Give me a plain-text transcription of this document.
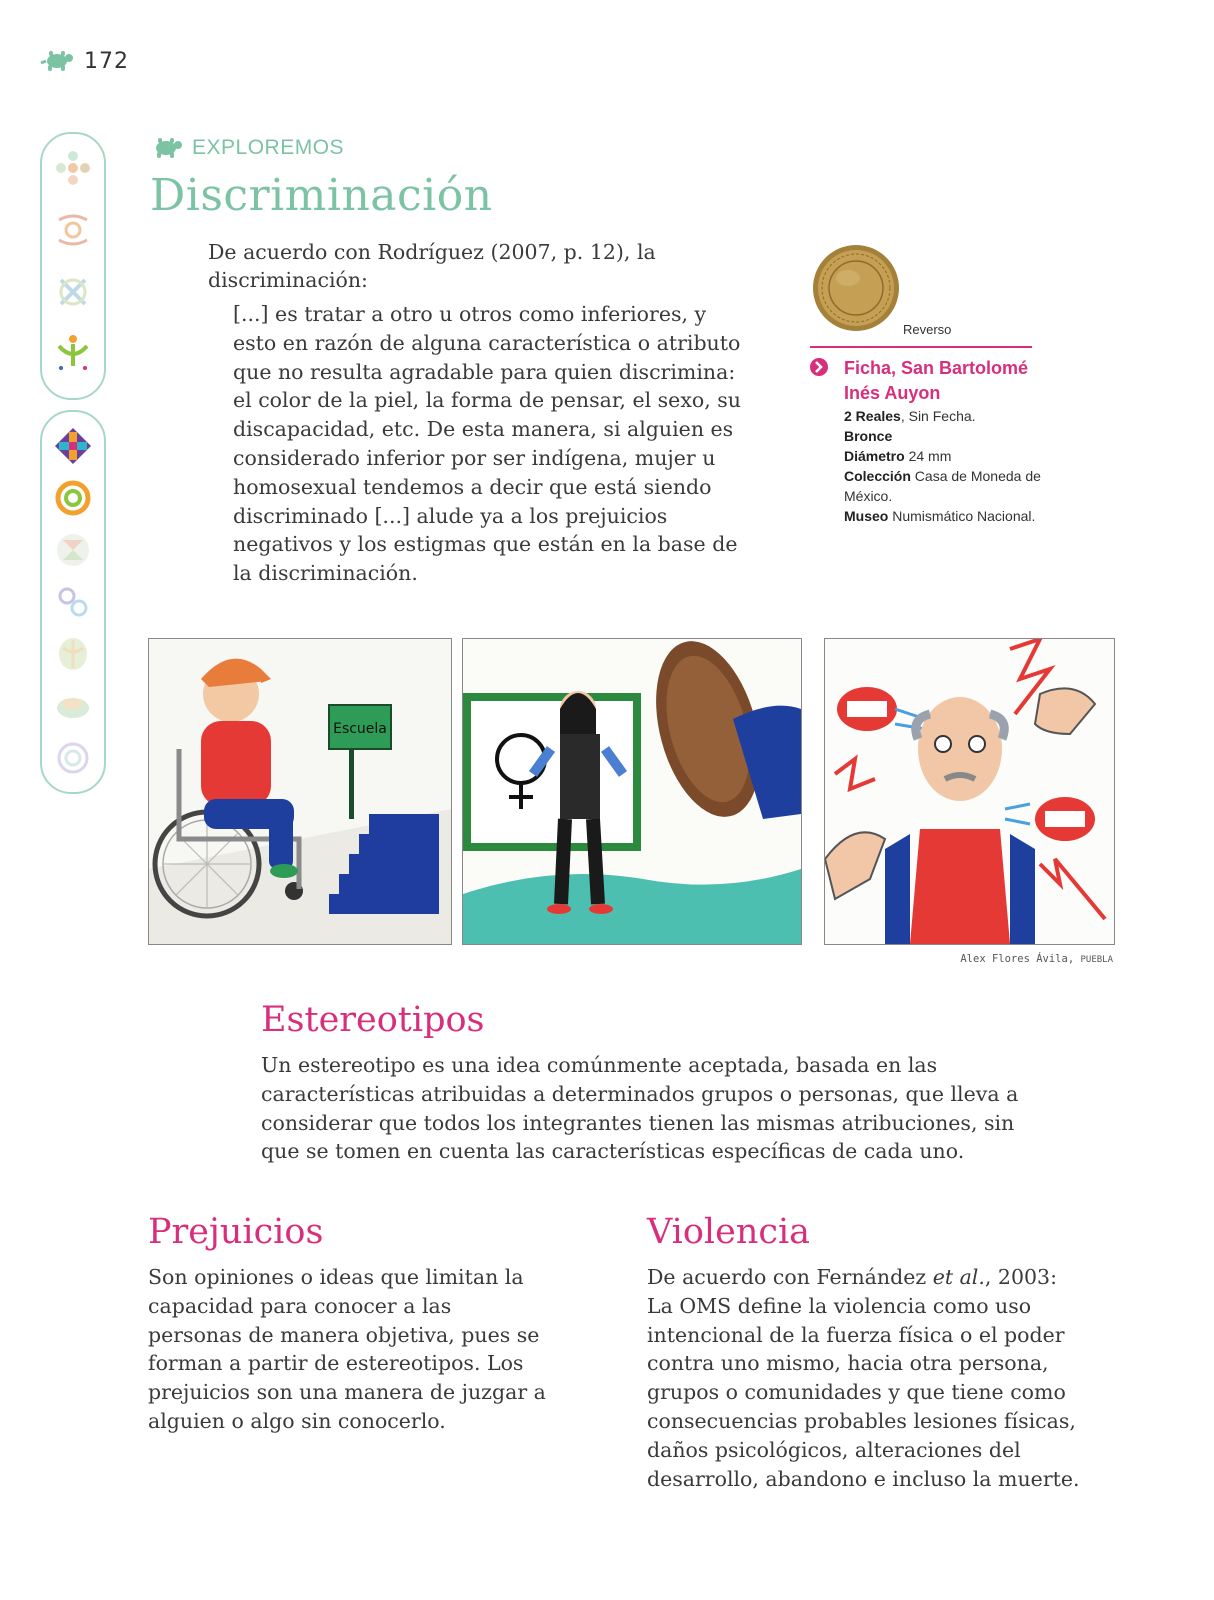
172
EXPLOREMOS
Discriminación
De acuerdo con Rodríguez (2007, p. 12), la discriminación:
[...] es tratar a otro u otros como inferiores, y esto en razón de alguna característica o atributo que no resulta agradable para quien discrimina: el color de la piel, la forma de pensar, el sexo, su discapacidad, etc. De esta manera, si alguien es considerado inferior por ser indígena, mujer u homosexual tendemos a decir que está siendo discriminado [...] alude ya a los prejuicios negativos y los estigmas que están en la base de la discriminación.
Reverso
Ficha, San Bartolomé
Inés Auyon
2 Reales, Sin Fecha.
Bronce
Diámetro 24 mm
Colección Casa de Moneda de México.
Museo Numismático Nacional.
Escuela
Alex Flores Ávila, PUEBLA
Estereotipos
Un estereotipo es una idea comúnmente aceptada, basada en las características atribuidas a determinados grupos o personas, que lleva a considerar que todos los integrantes tienen las mismas atribuciones, sin que se tomen en cuenta las características específicas de cada uno.
Prejuicios
Son opiniones o ideas que limitan la capacidad para conocer a las personas de manera objetiva, pues se forman a partir de estereotipos. Los prejuicios son una manera de juzgar a alguien o algo sin conocerlo.
Violencia
De acuerdo con Fernández et al., 2003:
La OMS define la violencia como uso intencional de la fuerza física o el poder contra uno mismo, hacia otra persona, grupos o comunidades y que tiene como consecuencias probables lesiones físicas, daños psicológicos, alteraciones del desarrollo, abandono e incluso la muerte.
